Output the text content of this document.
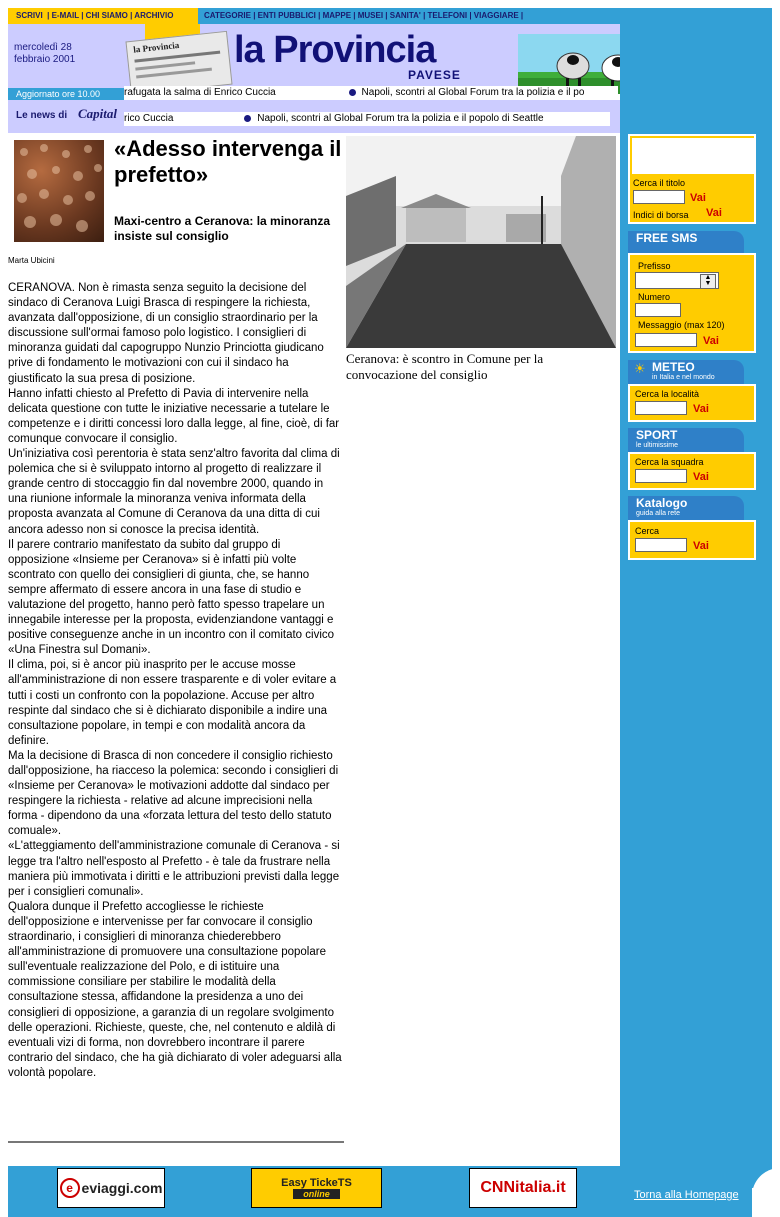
SCRIVI  | E-MAIL | CHI SIAMO | ARCHIVIO	CATEGORIE | ENTI PUBBLICI | MAPPE | MUSEI | SANITA' | TELEFONI | VIAGGIARE |
mercoledì 28
febbraio 2001
la Provincia la Provincia
PAVESE
Aggiornato ore 10.00	rafugata la salma di Enrico Cuccia	Napoli, scontri al Global Forum tra la polizia e il po
Le news di Capital rico Cuccia	Napoli, scontri al Global Forum tra la polizia e il popolo di Seattle
«Adesso intervenga il prefetto»
Maxi-centro a Ceranova: la minoranza insiste sul consiglio
Marta Ubicini

CERANOVA. Non è rimasta senza seguito la decisione del sindaco di Ceranova Luigi Brasca di respingere la richiesta, avanzata dall'opposizione, di un consiglio straordinario per la discussione sull'ormai famoso polo logistico. I consiglieri di minoranza guidati dal capogruppo Nunzio Princiotta giudicano prive di fondamento le motivazioni con cui il sindaco ha giustificato la sua presa di posizione.

Hanno infatti chiesto al Prefetto di Pavia di intervenire nella delicata questione con tutte le iniziative necessarie a tutelare le competenze e i diritti concessi loro dalla legge, al fine, cioè, di far comunque convocare il consiglio.

Un'iniziativa così perentoria è stata senz'altro favorita dal clima di polemica che si è sviluppato intorno al progetto di realizzare il grande centro di stoccaggio fin dal novembre 2000, quando in una riunione informale la minoranza veniva informata della proposta avanzata al Comune di Ceranova da una ditta di cui ancora adesso non si conosce la precisa identità.

Il parere contrario manifestato da subito dal gruppo di opposizione «Insieme per Ceranova» si è infatti più volte scontrato con quello dei consiglieri di giunta, che, se hanno sempre affermato di essere ancora in una fase di studio e valutazione del progetto, hanno però fatto spesso trapelare un innegabile interesse per la proposta, evidenziandone vantaggi e positive conseguenze anche in un incontro con il comitato civico «Una Finestra sul Domani».

Il clima, poi, si è ancor più inasprito per le accuse mosse all'amministrazione di non essere trasparente e di voler evitare a tutti i costi un confronto con la popolazione. Accuse per altro respinte dal sindaco che si è dichiarato disponibile a indire una consultazione popolare, in tempi e con modalità ancora da definire.

Ma la decisione di Brasca di non concedere il consiglio richiesto dall'opposizione, ha riacceso la polemica: secondo i consiglieri di «Insieme per Ceranova» le motivazioni addotte dal sindaco per respingere la richiesta - relative ad alcune imprecisioni nella forma - dipendono da una «forzata lettura del testo dello statuto comuale».

«L'atteggiamento dell'amministrazione comunale di Ceranova - si legge tra l'altro nell'esposto al Prefetto - è tale da frustrare nella maniera più immotivata i diritti e le attribuzioni previsti dalla legge per i consiglieri comunali».

Qualora dunque il Prefetto accogliesse le richieste dell'opposizione e intervenisse per far convocare il consiglio straordinario, i consiglieri di minoranza chiederebbero all'amministrazione di promuovere una consultazione popolare sull'eventuale realizzazione del Polo, e di istituire una commissione consiliare per stabilire le modalità della consultazione stessa, affidandone la presidenza a uno dei consiglieri di opposizione, a garanzia di un regolare svolgimento delle operazioni. Richieste, queste, che, nel contenuto e aldilà di eventuali vizi di forma, non dovrebbero incontrare il parere contrario del sindaco, che ha già dichiarato di voler adeguarsi alla volontà popolare.

Ceranova: è scontro in Comune per la convocazione del consiglio
Cerca il titolo
Vai
Indici di borsa Vai
FREE SMS
Prefisso
▲
▼
Numero
Messaggio (max 120)
Vai
☀ METEO
in Italia e nel mondo
Cerca la località
Vai
SPORT
le ultimissime
Cerca la squadra
Vai
Katalogo
guida alla rete
Cerca
Vai
e eviaggi.com	Easy TickeTS
online	CNNitalia.it	Torna alla Homepage
